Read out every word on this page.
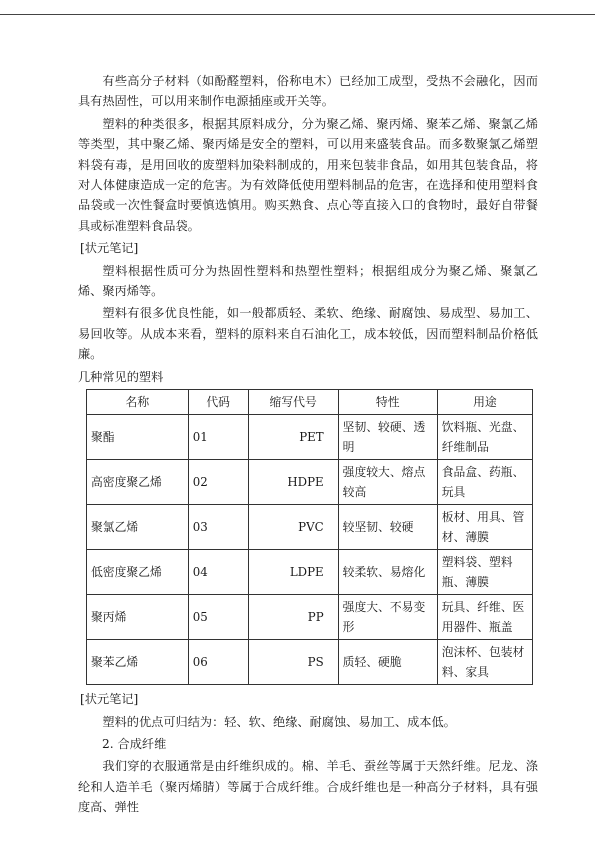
有些高分子材料（如酚醛塑料，俗称电木）已经加工成型，受热不会融化，因而具有热固性，可以用来制作电源插座或开关等。

塑料的种类很多，根据其原料成分，分为聚乙烯、聚丙烯、聚苯乙烯、聚氯乙烯等类型，其中聚乙烯、聚丙烯是安全的塑料，可以用来盛装食品。而多数聚氯乙烯塑料袋有毒，是用回收的废塑料加染料制成的，用来包装非食品，如用其包装食品，将对人体健康造成一定的危害。为有效降低使用塑料制品的危害，在选择和使用塑料食品袋或一次性餐盒时要慎选慎用。购买熟食、点心等直接入口的食物时，最好自带餐具或标准塑料食品袋。

[状元笔记]

塑料根据性质可分为热固性塑料和热塑性塑料；根据组成分为聚乙烯、聚氯乙烯、聚丙烯等。

塑料有很多优良性能，如一般都质轻、柔软、绝缘、耐腐蚀、易成型、易加工、易回收等。从成本来看，塑料的原料来自石油化工，成本较低，因而塑料制品价格低廉。

几种常见的塑料

名称	代码	缩写代号	特性	用途
聚酯	01	PET	坚韧、较硬、透明	饮料瓶、光盘、纤维制品
高密度聚乙烯	02	HDPE	强度较大、熔点较高	食品盒、药瓶、玩具
聚氯乙烯	03	PVC	较坚韧、较硬	板材、用具、管材、薄膜
低密度聚乙烯	04	LDPE	较柔软、易熔化	塑料袋、塑料瓶、薄膜
聚丙烯	05	PP	强度大、不易变形	玩具、纤维、医用器件、瓶盖
聚苯乙烯	06	PS	质轻、硬脆	泡沫杯、包装材料、家具

[状元笔记]

塑料的优点可归结为：轻、软、绝缘、耐腐蚀、易加工、成本低。

2. 合成纤维

我们穿的衣服通常是由纤维织成的。棉、羊毛、蚕丝等属于天然纤维。尼龙、涤纶和人造羊毛（聚丙烯腈）等属于合成纤维。合成纤维也是一种高分子材料，具有强度高、弹性
